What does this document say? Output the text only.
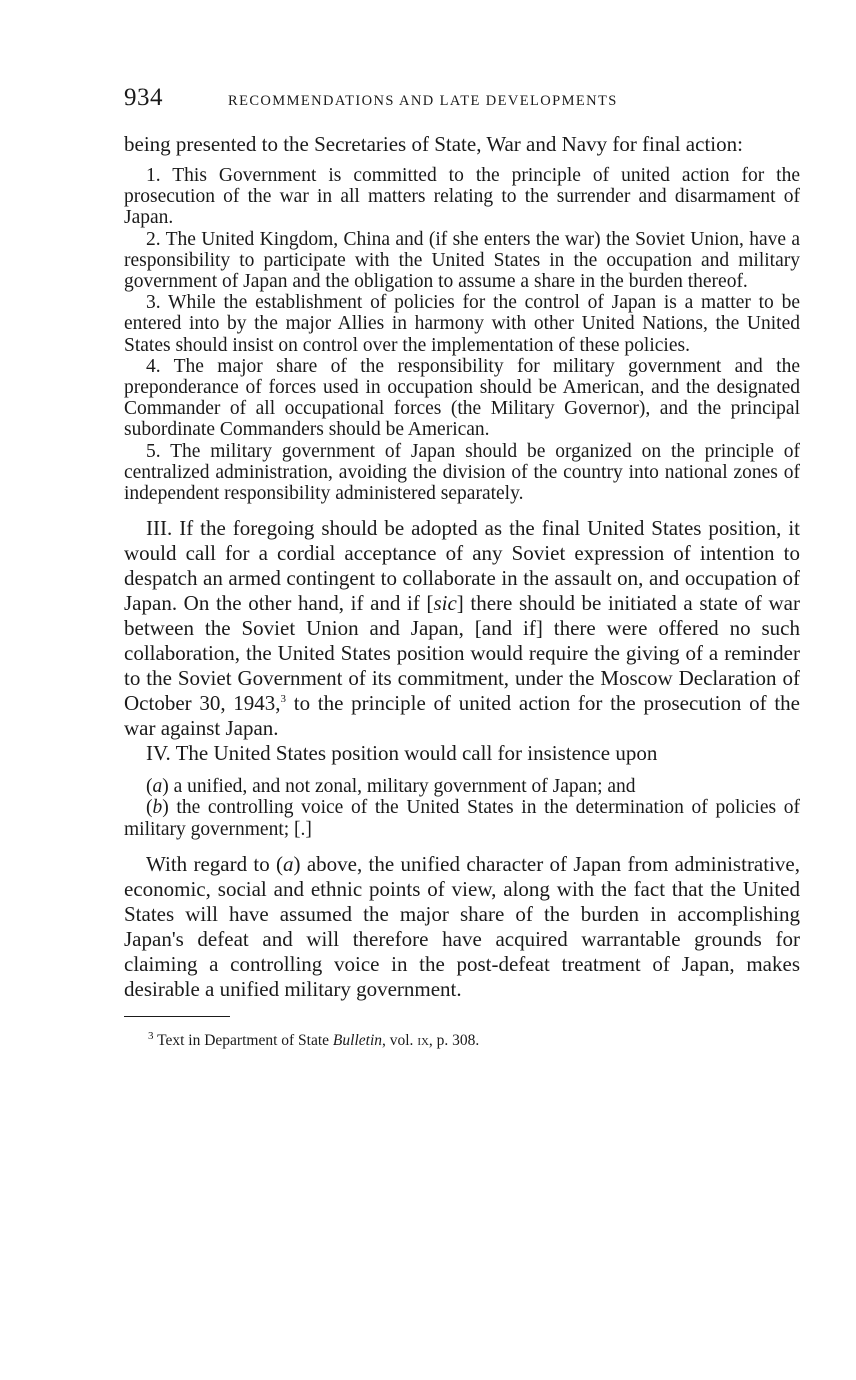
934	RECOMMENDATIONS AND LATE DEVELOPMENTS

being presented to the Secretaries of State, War and Navy for final action:

1. This Government is committed to the principle of united action for the prosecution of the war in all matters relating to the surrender and disarmament of Japan.

2. The United Kingdom, China and (if she enters the war) the Soviet Union, have a responsibility to participate with the United States in the occupation and military government of Japan and the obligation to assume a share in the burden thereof.

3. While the establishment of policies for the control of Japan is a matter to be entered into by the major Allies in harmony with other United Nations, the United States should insist on control over the implementation of these policies.

4. The major share of the responsibility for military government and the preponderance of forces used in occupation should be American, and the designated Commander of all occupational forces (the Military Governor), and the principal subordinate Commanders should be American.

5. The military government of Japan should be organized on the principle of centralized administration, avoiding the division of the country into national zones of independent responsibility administered separately.

III. If the foregoing should be adopted as the final United States position, it would call for a cordial acceptance of any Soviet expression of intention to despatch an armed contingent to collaborate in the assault on, and occupation of Japan. On the other hand, if and if [sic] there should be initiated a state of war between the Soviet Union and Japan, [and if] there were offered no such collaboration, the United States position would require the giving of a reminder to the Soviet Government of its commitment, under the Moscow Declaration of October 30, 1943,$^3$ to the principle of united action for the prosecution of the war against Japan.

IV. The United States position would call for insistence upon

(a) a unified, and not zonal, military government of Japan; and

(b) the controlling voice of the United States in the determination of policies of military government; [.]

With regard to (a) above, the unified character of Japan from administrative, economic, social and ethnic points of view, along with the fact that the United States will have assumed the major share of the burden in accomplishing Japan's defeat and will therefore have acquired warrantable grounds for claiming a controlling voice in the post-defeat treatment of Japan, makes desirable a unified military government.

$^3$ Text in Department of State Bulletin, vol. ix, p. 308.
